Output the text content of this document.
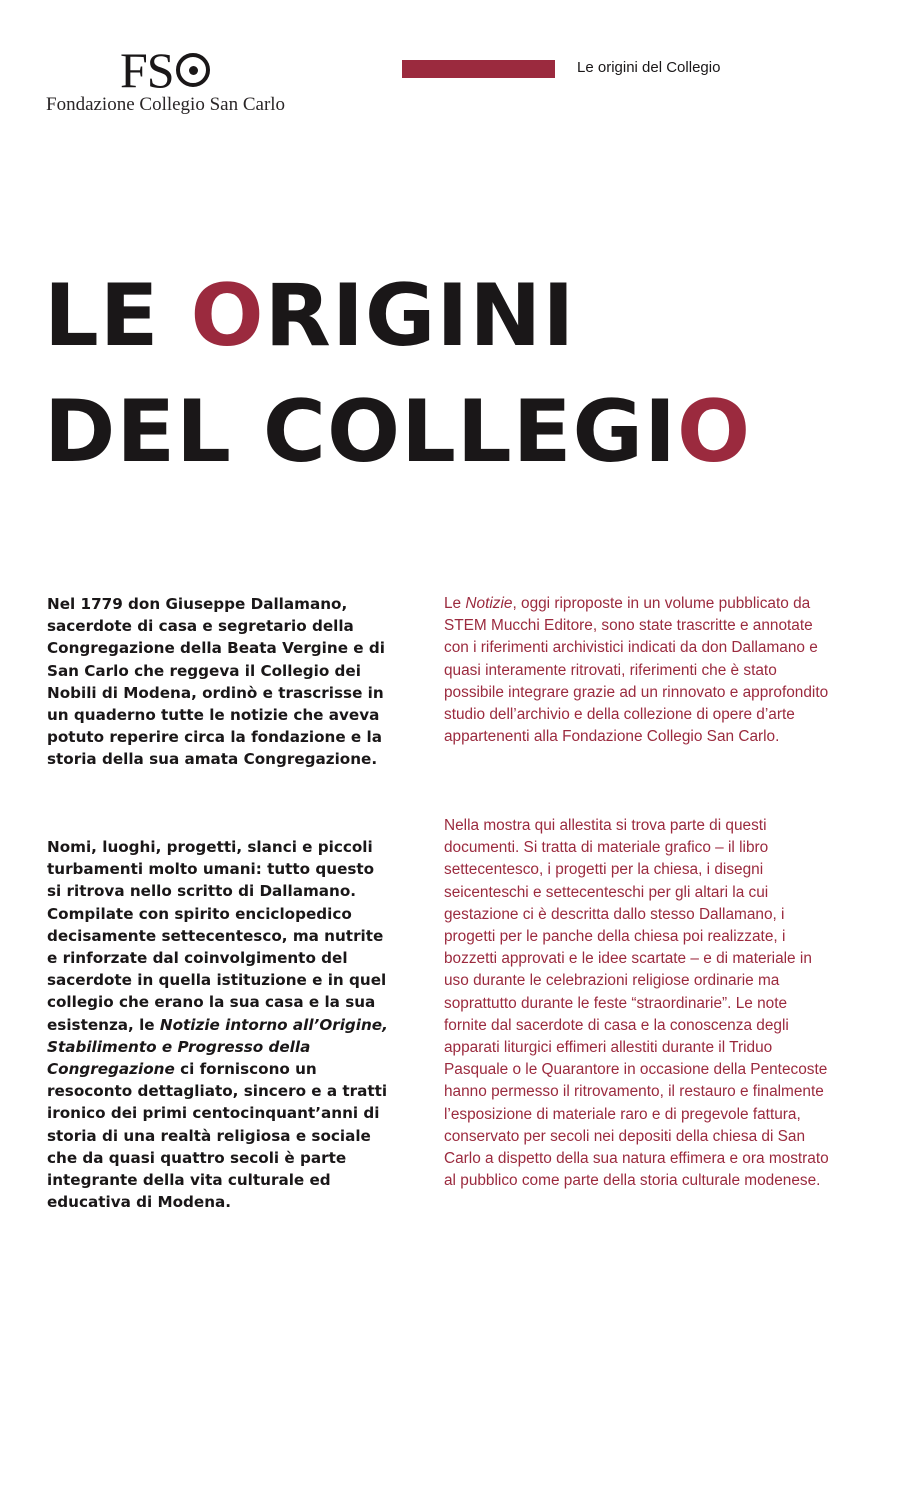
FS
Fondazione Collegio San Carlo
Le origini del Collegio
LE ORIGINI
DEL COLLEGIO

Nel 1779 don Giuseppe Dallamano, sacerdote di casa e segretario della Congregazione della Beata Vergine e di San Carlo che reggeva il Collegio dei Nobili di Modena, ordinò e trascrisse in un quaderno tutte le notizie che aveva potuto reperire circa la fondazione e la storia della sua amata Congregazione.

Nomi, luoghi, progetti, slanci e piccoli turbamenti molto umani: tutto questo si ritrova nello scritto di Dallamano. Compilate con spirito enciclopedico decisamente settecentesco, ma nutrite e rinforzate dal coinvolgimento del sacerdote in quella istituzione e in quel collegio che erano la sua casa e la sua esistenza, le Notizie intorno all’Origine, Stabilimento e Progresso della Congregazione ci forniscono un resoconto dettagliato, sincero e a tratti ironico dei primi centocinquant’anni di storia di una realtà religiosa e sociale che da quasi quattro secoli è parte integrante della vita culturale ed educativa di Modena.

Le Notizie, oggi riproposte in un volume pubblicato da STEM Mucchi Editore, sono state trascritte e annotate con i riferimenti archivistici indicati da don Dallamano e quasi interamente ritrovati, riferimenti che è stato possibile integrare grazie ad un rinnovato e approfondito studio dell’archivio e della collezione di opere d’arte appartenenti alla Fondazione Collegio San Carlo.

Nella mostra qui allestita si trova parte di questi documenti. Si tratta di materiale grafico – il libro settecentesco, i progetti per la chiesa, i disegni seicenteschi e settecenteschi per gli altari la cui gestazione ci è descritta dallo stesso Dallamano, i progetti per le panche della chiesa poi realizzate, i bozzetti approvati e le idee scartate – e di materiale in uso durante le celebrazioni religiose ordinarie ma soprattutto durante le feste “straordinarie”. Le note fornite dal sacerdote di casa e la conoscenza degli apparati liturgici effimeri allestiti durante il Triduo Pasquale o le Quarantore in occasione della Pentecoste hanno permesso il ritrovamento, il restauro e finalmente l’esposizione di materiale raro e di pregevole fattura, conservato per secoli nei depositi della chiesa di San Carlo a dispetto della sua natura effimera e ora mostrato al pubblico come parte della storia culturale modenese.
